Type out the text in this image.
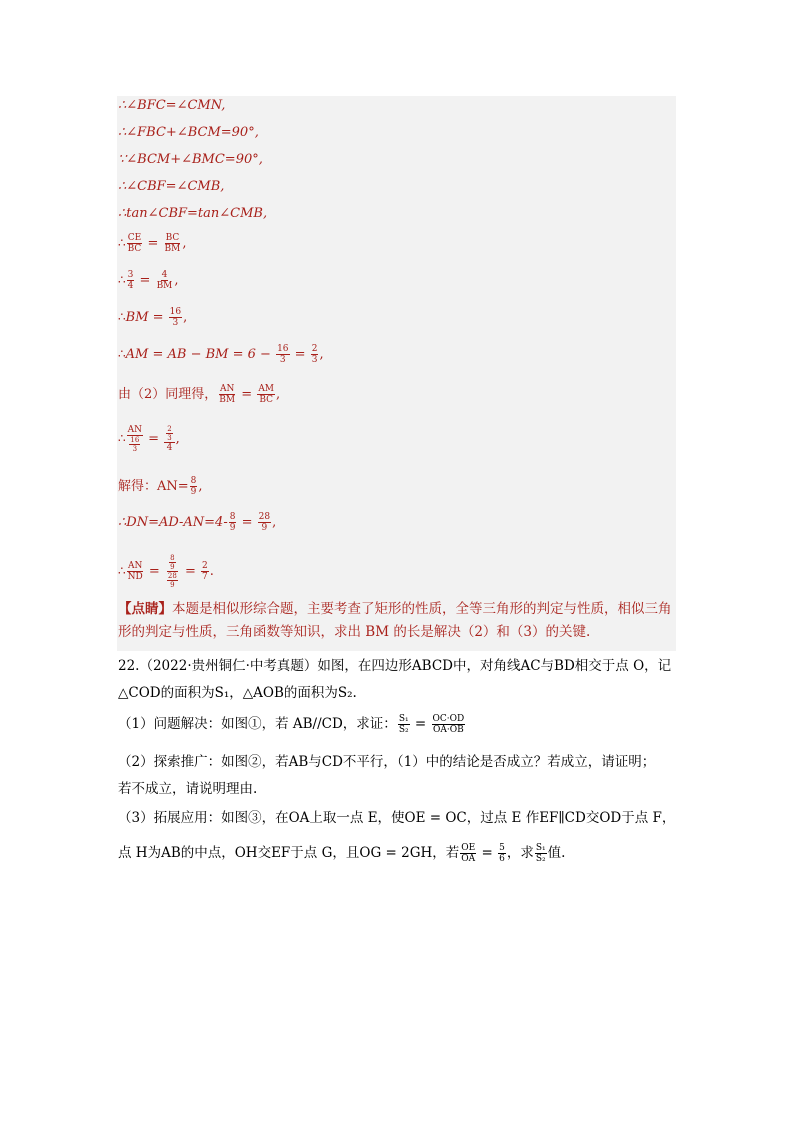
∴∠BFC=∠CMN,
∴∠FBC+∠BCM=90°,
∵∠BCM+∠BMC=90°,
∴∠CBF=∠CMB,
∴tan∠CBF=tan∠CMB,
∴ $\frac{CE}{BC} = \frac{BC}{BM}$ ,
∴ $\frac{3}{4} = \frac{4}{BM}$ ,
∴BM = $\frac{16}{3}$ ,
∴AM = AB − BM = $6 - \frac{16}{3} = \frac{2}{3}$ ,
由（2）同理得， $\frac{AN}{BM} = \frac{AM}{BC}$ ,
∴ $\frac{AN}{\frac{16}{3}} = \frac{\frac{2}{3}}{4}$ ,
解得：$AN= \frac{8}{9}$ ,
∴DN=AD-AN=4- $\frac{8}{9} = \frac{28}{9}$ ,
∴ $\frac{AN}{ND} = \frac{\frac{8}{9}}{\frac{28}{9}} = \frac{2}{7}$ .
【点睛】本题是相似形综合题，主要考查了矩形的性质，全等三角形的判定与性质，相似三角形的判定与性质，三角函数等知识，求出 BM 的长是解决（2）和（3）的关键.
22.（2022·贵州铜仁·中考真题）如图，在四边形ABCD中，对角线AC与BD相交于点 O，记
△COD的面积为S₁，△AOB的面积为S₂.
（1）问题解决：如图①，若 AB//CD，求证： $\frac{\text{S₁}}{\text{S₂}} = \frac{OC\cdot OD}{OA\cdot OB}$
（2）探索推广：如图②，若AB与CD不平行，（1）中的结论是否成立？若成立，请证明；
若不成立，请说明理由.
（3）拓展应用：如图③，在OA上取一点 E，使OE = OC，过点 E 作EF∥CD交OD于点 F，
点 H为AB的中点，OH交EF于点 G，且OG = 2GH，若 $\frac{OE}{OA} = \frac{5}{6}$ ，求 $\frac{\text{S₁}}{\text{S₂}}$ 值.
